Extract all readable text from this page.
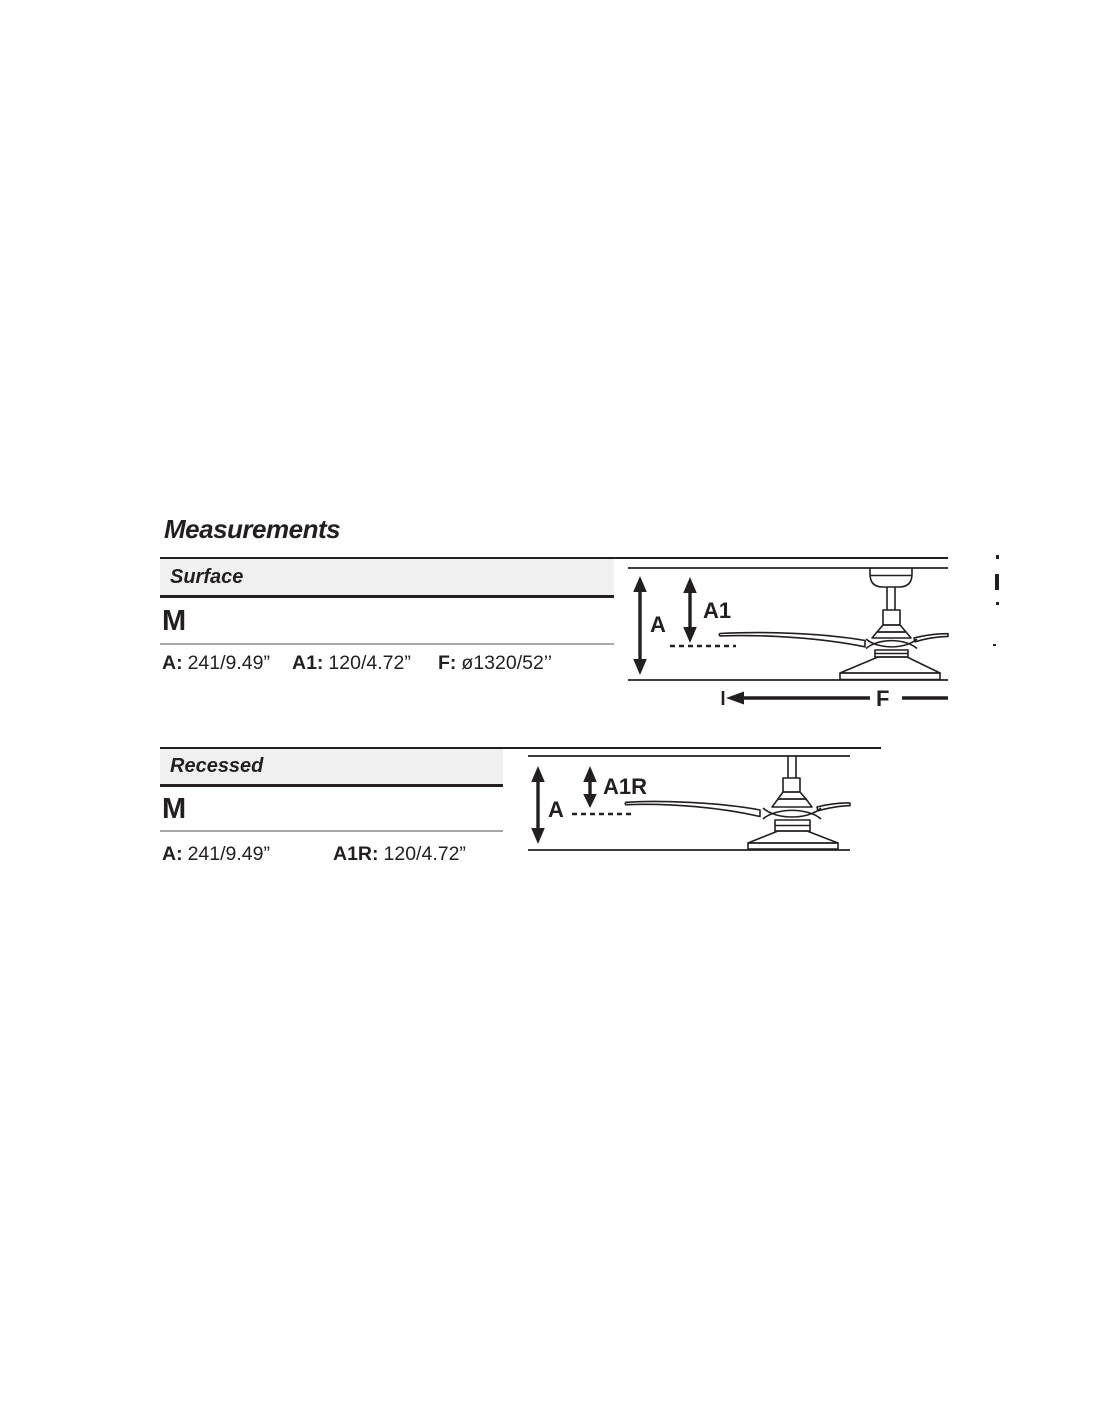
Measurements
Surface
M
A: 241/9.49” A1: 120/4.72” F: ø1320/52’’
A
A1
F
Recessed
M
A: 241/9.49”	A1R: 120/4.72”
A
A1R
